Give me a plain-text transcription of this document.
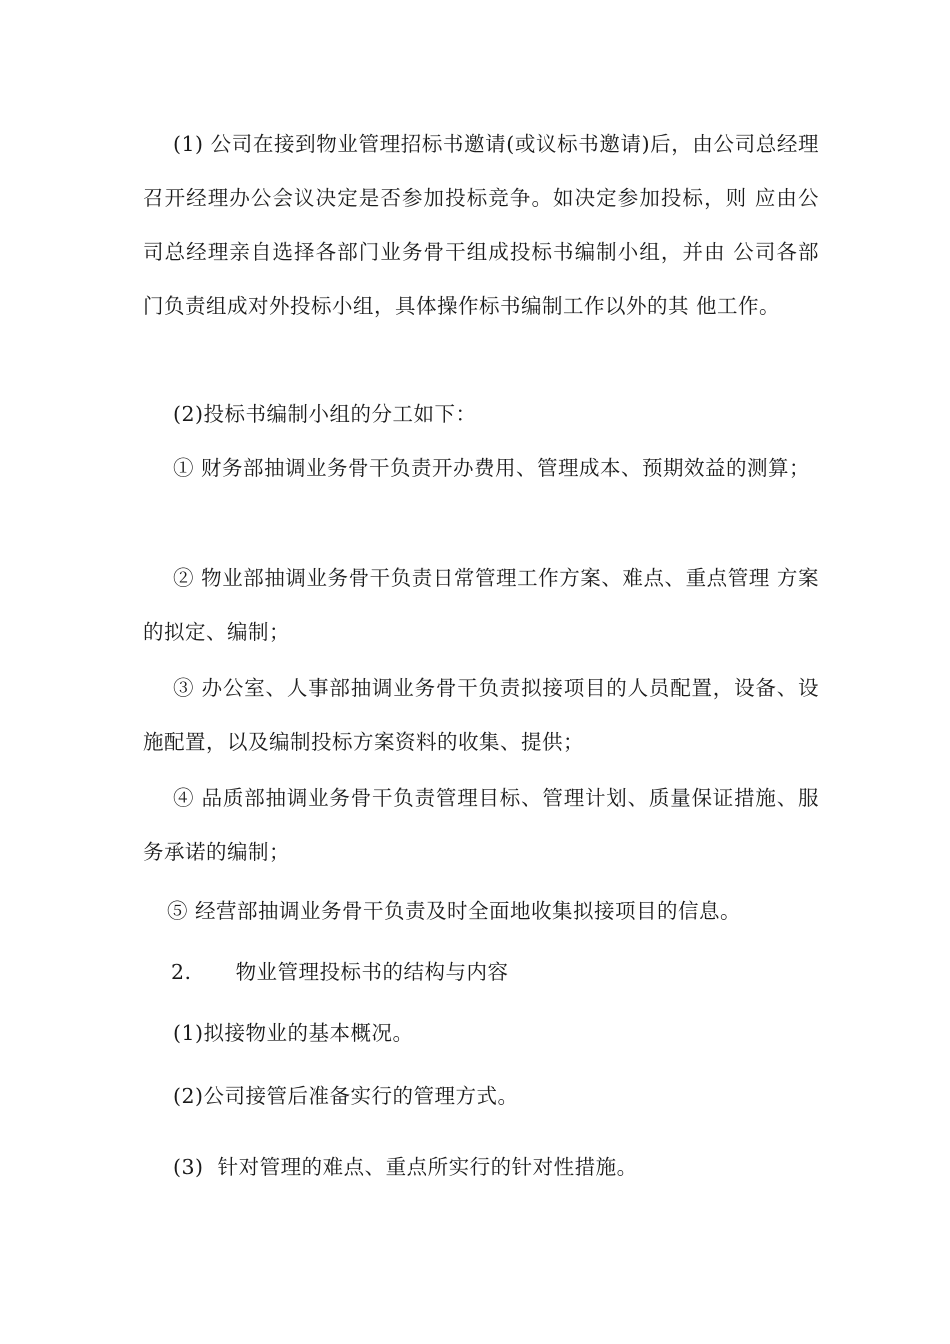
(1) 公司在接到物业管理招标书邀请(或议标书邀请)后，由公司总经理召开经理办公会议决定是否参加投标竞争。如决定参加投标，则 应由公司总经理亲自选择各部门业务骨干组成投标书编制小组，并由 公司各部门负责组成对外投标小组，具体操作标书编制工作以外的其 他工作。

(2)投标书编制小组的分工如下：

① 财务部抽调业务骨干负责开办费用、管理成本、预期效益的测算；

② 物业部抽调业务骨干负责日常管理工作方案、难点、重点管理 方案的拟定、编制；

③ 办公室、人事部抽调业务骨干负责拟接项目的人员配置，设备、设施配置，以及编制投标方案资料的收集、提供；

④ 品质部抽调业务骨干负责管理目标、管理计划、质量保证措施、服务承诺的编制；

⑤ 经营部抽调业务骨干负责及时全面地收集拟接项目的信息。

2. 物业管理投标书的结构与内容

(1)拟接物业的基本概况。

(2)公司接管后准备实行的管理方式。

(3)  针对管理的难点、重点所实行的针对性措施。
